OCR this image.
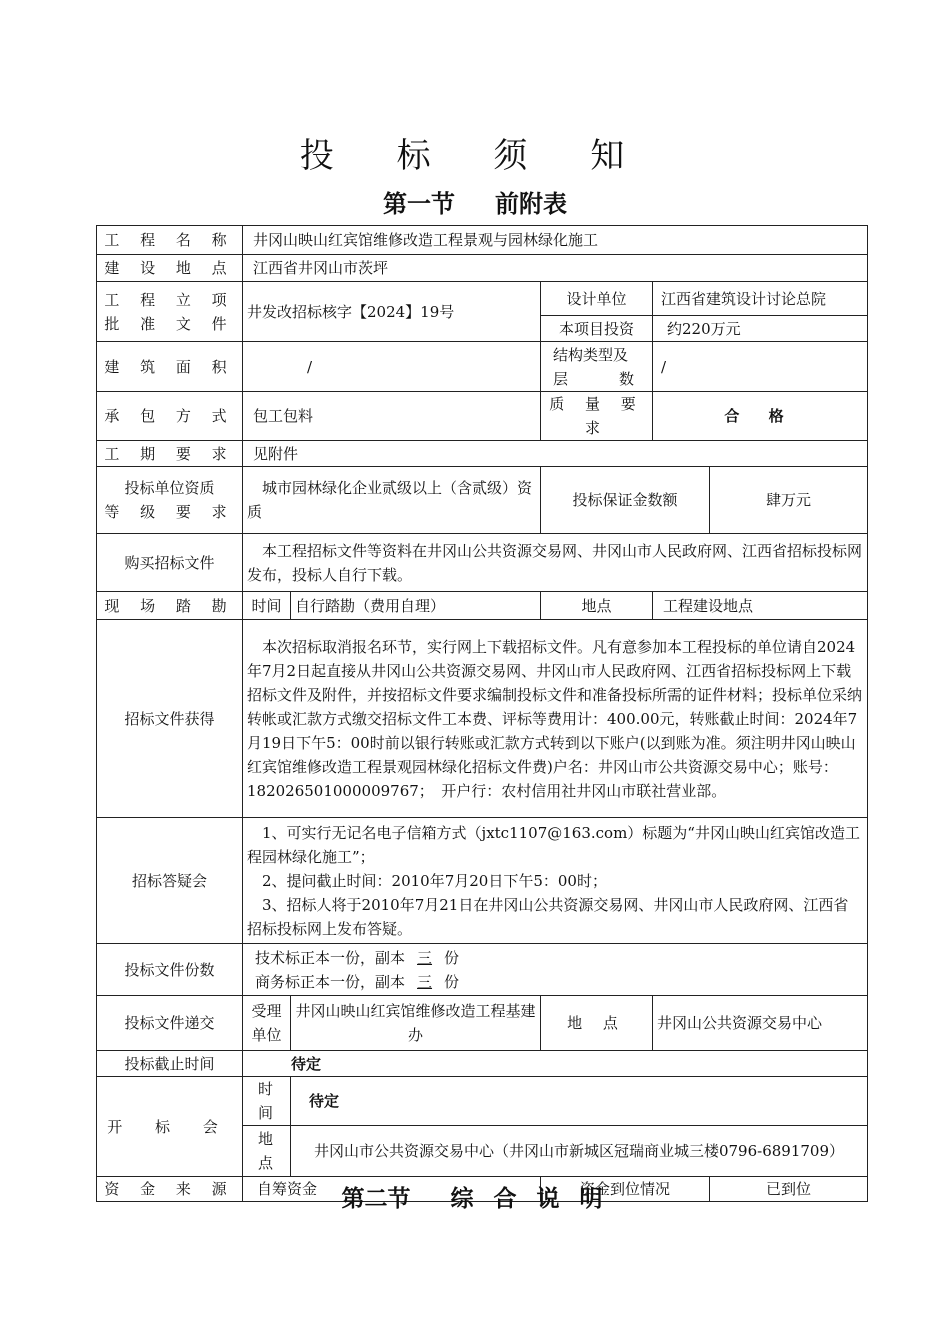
投 标 须 知
第一节 前附表
工 程 名 称	井冈山映山红宾馆维修改造工程景观与园林绿化施工				
建 设 地 点	江西省井冈山市茨坪				

工 程 立 项
批 准 文 件	井发改招标核字【2024】19号		设计单位	江西省建筑设计讨论总院	
			本项目投资	约220万元	
建 筑 面 积	/		结构类型及
层 数	/	
承 包 方 式	包工包料		质 量 要 求	合 格	
工 期 要 求	见附件				

投标单位资质
等 级 要 求	城市园林绿化企业贰级以上（含贰级）资质		投标保证金数额		肆万元
购买招标文件	本工程招标文件等资料在井冈山公共资源交易网、井冈山市人民政府网、江西省招标投标网发布，投标人自行下载。				
现 场 踏 勘	时间	自行踏勘（费用自理）	地点	工程建设地点	
招标文件获得	本次招标取消报名环节，实行网上下载招标文件。凡有意参加本工程投标的单位请自2024年7月2日起直接从井冈山公共资源交易网、井冈山市人民政府网、江西省招标投标网上下载招标文件及附件，并按招标文件要求编制投标文件和准备投标所需的证件材料；投标单位采纳转帐或汇款方式缴交招标文件工本费、评标等费用计：400.00元，转账截止时间：2024年7月19日下午5：00时前以银行转账或汇款方式转到以下账户(以到账为准。须注明井冈山映山红宾馆维修改造工程景观园林绿化招标文件费)户名：井冈山市公共资源交易中心；账号：182026501000009767；　开户行：农村信用社井冈山市联社营业部。				
招标答疑会	1、可实行无记名电子信箱方式（jxtc1107@163.com）标题为“井冈山映山红宾馆改造工程园林绿化施工”；
2、提问截止时间：2010年7月20日下午5：00时；
3、招标人将于2010年7月21日在井冈山公共资源交易网、井冈山市人民政府网、江西省招标投标网上发布答疑。				

投标文件份数	技术标正本一份，副本 三 份
商务标正本一份，副本 三 份				

投标文件递交	受理
单位	井冈山映山红宾馆维修改造工程基建办	地 点	井冈山公共资源交易中心	
投标截止时间	待定				
开 标 会	时 间	待定			
	地 点	井冈山市公共资源交易中心（井冈山市新城区冠瑞商业城三楼0796-6891709）			
资 金 来 源	自筹资金		资金到位情况		已到位
第二节 综 合 说 明
